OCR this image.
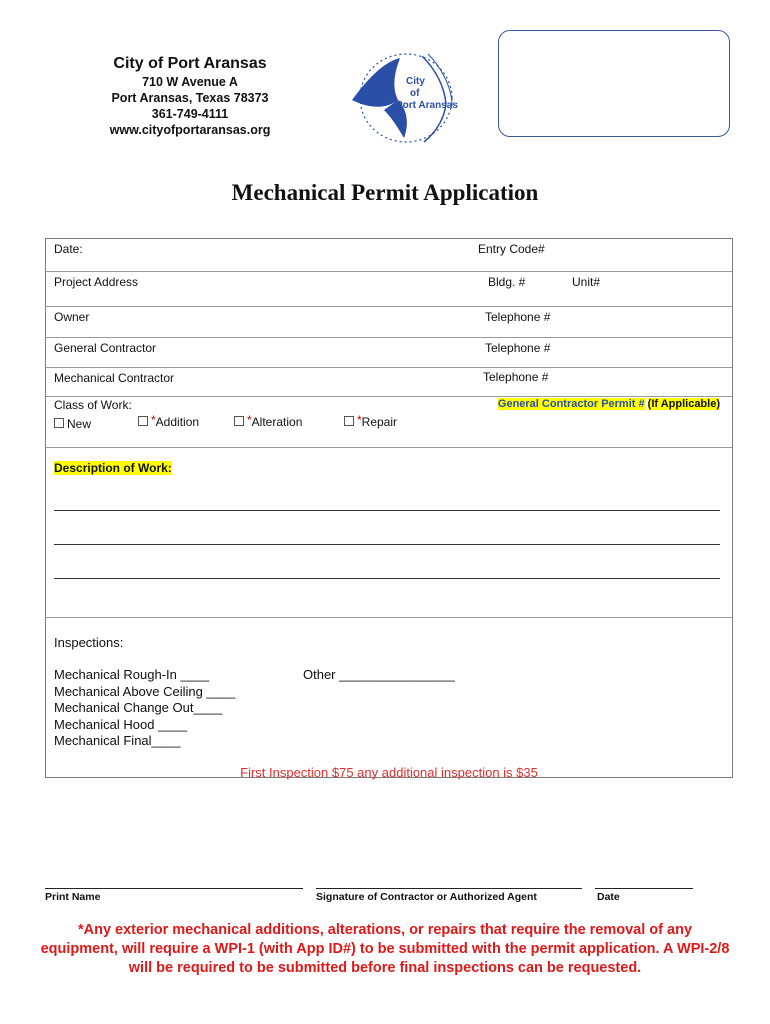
City of Port Aransas
710 W Avenue A
Port Aransas, Texas 78373
361-749-4111
www.cityofportaransas.org
City
of
Port Aransas
Mechanical Permit Application
Date:	Entry Code#
Project Address	Bldg. #	Unit#
Owner	Telephone #
General Contractor	Telephone #
Mechanical Contractor	Telephone #
Class of Work:
New	*Addition	*Alteration	*Repair
General Contractor Permit # (If Applicable)
Description of Work:
Inspections:
Mechanical Rough-In ____
Mechanical Above Ceiling ____
Mechanical Change Out____
Mechanical Hood ____
Mechanical Final____
Other ________________
First Inspection $75 any additional inspection is $35
Print Name	Signature of Contractor or Authorized Agent	Date
*Any exterior mechanical additions, alterations, or repairs that require the removal of any equipment, will require a WPI-1 (with App ID#) to be submitted with the permit application. A WPI-2/8 will be required to be submitted before final inspections can be requested.
